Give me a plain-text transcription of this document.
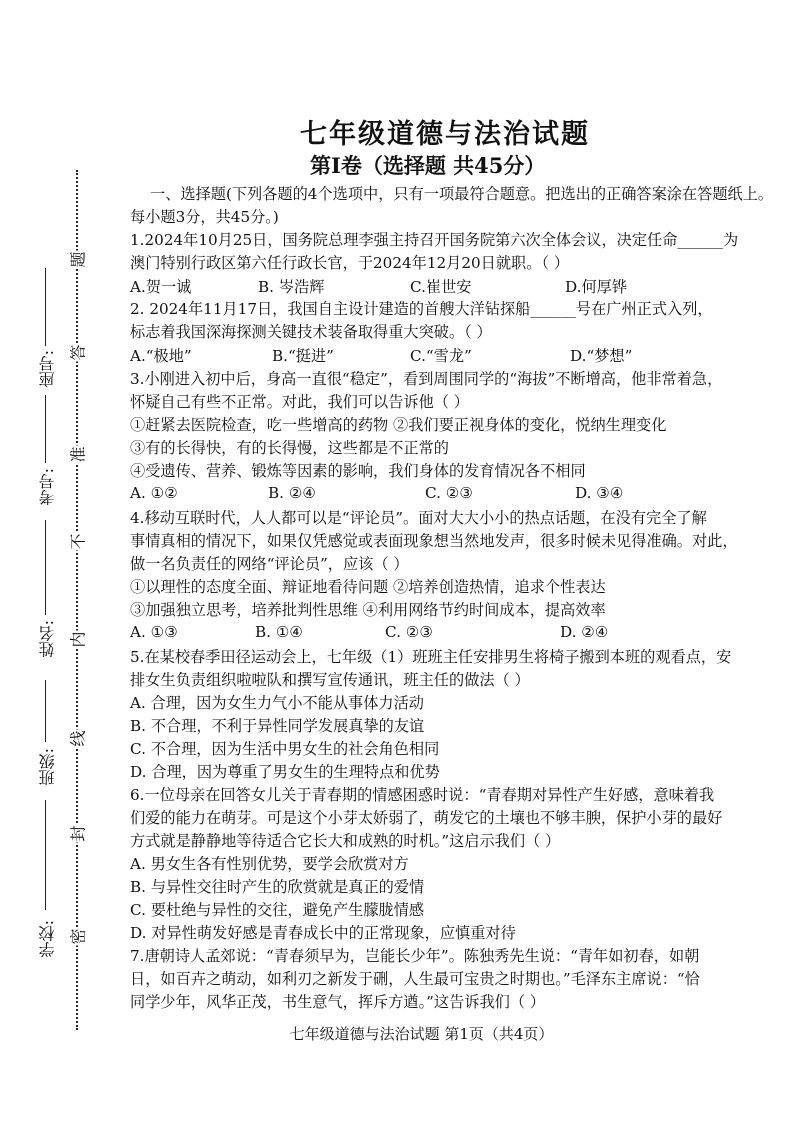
密
封
线
内
不
准
答
题
学校:
班级:
姓名:
考号:
座号:
七年级道德与法治试题
第Ⅰ卷（选择题 共45分）
一、选择题(下列各题的4个选项中，只有一项最符合题意。把选出的正确答案涂在答题纸上。
每小题3分，共45分。)
1.2024年10月25日，国务院总理李强主持召开国务院第六次全体会议，决定任命______为
澳门特别行政区第六任行政长官，于2024年12月20日就职。（ ）
A.贺一诚	B. 岑浩辉	C.崔世安	D.何厚铧
2. 2024年11月17日，我国自主设计建造的首艘大洋钻探船______号在广州正式入列，
标志着我国深海探测关键技术装备取得重大突破。（ ）
A.“极地”	B.“挺进”	C.“雪龙”	D.“梦想”
3.小刚进入初中后，身高一直很“稳定”，看到周围同学的“海拔”不断增高，他非常着急，
怀疑自己有些不正常。对此，我们可以告诉他（ ）
①赶紧去医院检查，吃一些增高的药物 ②我们要正视身体的变化，悦纳生理变化
③有的长得快，有的长得慢，这些都是不正常的
④受遗传、营养、锻炼等因素的影响，我们身体的发育情况各不相同
A. ①②	B. ②④	C. ②③	D. ③④
4.移动互联时代，人人都可以是“评论员”。面对大大小小的热点话题，在没有完全了解
事情真相的情况下，如果仅凭感觉或表面现象想当然地发声，很多时候未见得准确。对此，
做一名负责任的网络“评论员”，应该（ ）
①以理性的态度全面、辩证地看待问题 ②培养创造热情，追求个性表达
③加强独立思考，培养批判性思维 ④利用网络节约时间成本，提高效率
A. ①③	B. ①④	C. ②③	D. ②④
5.在某校春季田径运动会上，七年级（1）班班主任安排男生将椅子搬到本班的观看点，安
排女生负责组织啦啦队和撰写宣传通讯，班主任的做法（ ）
A. 合理，因为女生力气小不能从事体力活动
B. 不合理，不利于异性同学发展真挚的友谊
C. 不合理，因为生活中男女生的社会角色相同
D. 合理，因为尊重了男女生的生理特点和优势
6.一位母亲在回答女儿关于青春期的情感困惑时说：“青春期对异性产生好感，意味着我
们爱的能力在萌芽。可是这个小芽太娇弱了，萌发它的土壤也不够丰腴，保护小芽的最好
方式就是静静地等待适合它长大和成熟的时机。”这启示我们（ ）
A. 男女生各有性别优势，要学会欣赏对方
B. 与异性交往时产生的欣赏就是真正的爱情
C. 要杜绝与异性的交往，避免产生朦胧情感
D. 对异性萌发好感是青春成长中的正常现象，应慎重对待
7.唐朝诗人孟郊说：“青春须早为，岂能长少年”。陈独秀先生说：“青年如初春，如朝
日，如百卉之萌动，如利刃之新发于硎，人生最可宝贵之时期也。”毛泽东主席说：“恰
同学少年，风华正茂，书生意气，挥斥方遒。”这告诉我们（ ）
七年级道德与法治试题 第1页（共4页）
